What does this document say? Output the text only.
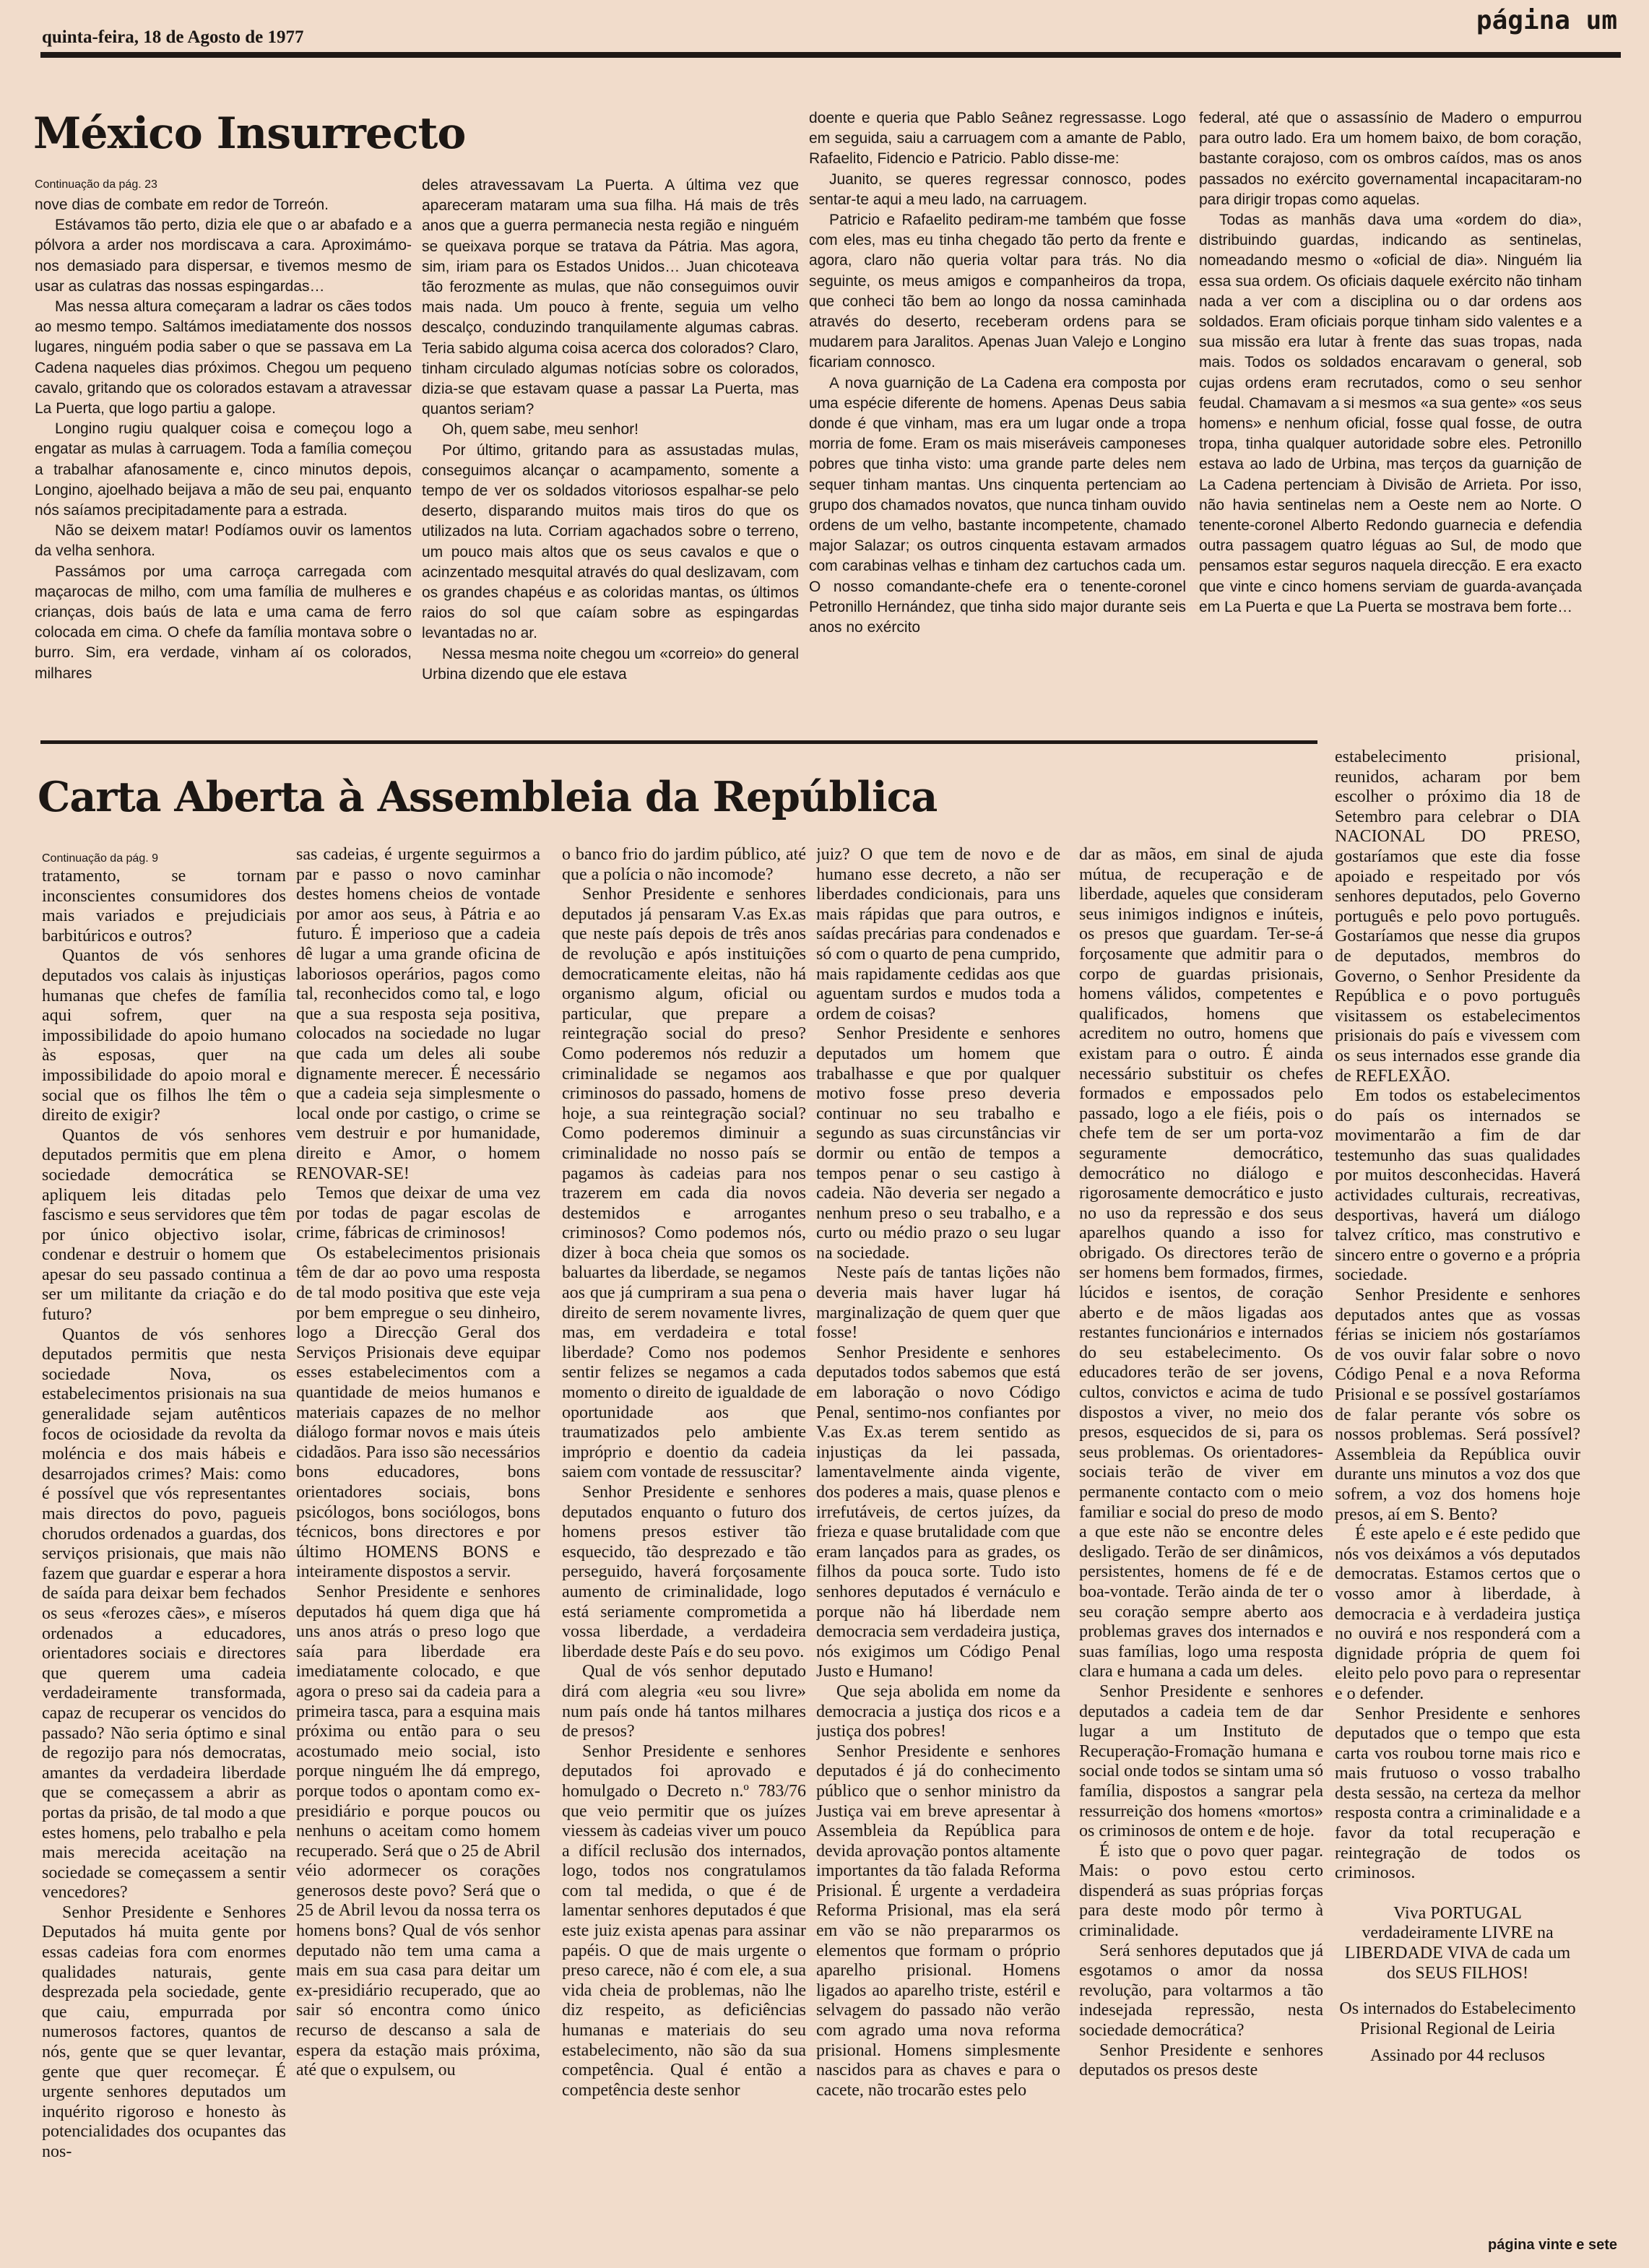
quinta-feira, 18 de Agosto de 1977
página um
México Insurrecto
Continuação da pág. 23

nove dias de combate em redor de Torreón.

Estávamos tão perto, dizia ele que o ar abafado e a pólvora a arder nos mordiscava a cara. Aproximámo-nos demasiado para dispersar, e tivemos mesmo de usar as culatras das nossas espingardas…

Mas nessa altura começaram a ladrar os cães todos ao mesmo tempo. Saltámos imediatamente dos nossos lugares, ninguém podia saber o que se passava em La Cadena naqueles dias próximos. Chegou um pequeno cavalo, gritando que os colorados estavam a atravessar La Puerta, que logo partiu a galope.

Longino rugiu qualquer coisa e começou logo a engatar as mulas à carruagem. Toda a família começou a trabalhar afanosamente e, cinco minutos depois, Longino, ajoelhado beijava a mão de seu pai, enquanto nós saíamos precipitadamente para a estrada.

Não se deixem matar! Podíamos ouvir os lamentos da velha senhora.

Passámos por uma carroça carregada com maçarocas de milho, com uma família de mulheres e crianças, dois baús de lata e uma cama de ferro colocada em cima. O chefe da família montava sobre o burro. Sim, era verdade, vinham aí os colorados, milhares

deles atravessavam La Puerta. A última vez que apareceram mataram uma sua filha. Há mais de três anos que a guerra permanecia nesta região e ninguém se queixava porque se tratava da Pátria. Mas agora, sim, iriam para os Estados Unidos… Juan chicoteava tão ferozmente as mulas, que não conseguimos ouvir mais nada. Um pouco à frente, seguia um velho descalço, conduzindo tranquilamente algumas cabras. Teria sabido alguma coisa acerca dos colorados? Claro, tinham circulado algumas notícias sobre os colorados, dizia-se que estavam quase a passar La Puerta, mas quantos seriam?

Oh, quem sabe, meu senhor!

Por último, gritando para as assustadas mulas, conseguimos alcançar o acampamento, somente a tempo de ver os soldados vitoriosos espalhar-se pelo deserto, disparando muitos mais tiros do que os utilizados na luta. Corriam agachados sobre o terreno, um pouco mais altos que os seus cavalos e que o acinzentado mesquital através do qual deslizavam, com os grandes chapéus e as coloridas mantas, os últimos raios do sol que caíam sobre as espingardas levantadas no ar.

Nessa mesma noite chegou um «correio» do general Urbina dizendo que ele estava

doente e queria que Pablo Seânez regressasse. Logo em seguida, saiu a carruagem com a amante de Pablo, Rafaelito, Fidencio e Patricio. Pablo disse-me:

Juanito, se queres regressar connosco, podes sentar-te aqui a meu lado, na carruagem.

Patricio e Rafaelito pediram-me também que fosse com eles, mas eu tinha chegado tão perto da frente e agora, claro não queria voltar para trás. No dia seguinte, os meus amigos e companheiros da tropa, que conheci tão bem ao longo da nossa caminhada através do deserto, receberam ordens para se mudarem para Jaralitos. Apenas Juan Valejo e Longino ficariam connosco.

A nova guarnição de La Cadena era composta por uma espécie diferente de homens. Apenas Deus sabia donde é que vinham, mas era um lugar onde a tropa morria de fome. Eram os mais miseráveis camponeses pobres que tinha visto: uma grande parte deles nem sequer tinham mantas. Uns cinquenta pertenciam ao grupo dos chamados novatos, que nunca tinham ouvido ordens de um velho, bastante incompetente, chamado major Salazar; os outros cinquenta estavam armados com carabinas velhas e tinham dez cartuchos cada um. O nosso comandante-chefe era o tenente-coronel Petronillo Hernández, que tinha sido major durante seis anos no exército

federal, até que o assassínio de Madero o empurrou para outro lado. Era um homem baixo, de bom coração, bastante corajoso, com os ombros caídos, mas os anos passados no exército governamental incapacitaram-no para dirigir tropas como aquelas.

Todas as manhãs dava uma «ordem do dia», distribuindo guardas, indicando as sentinelas, nomeadando mesmo o «oficial de dia». Ninguém lia essa sua ordem. Os oficiais daquele exército não tinham nada a ver com a disciplina ou o dar ordens aos soldados. Eram oficiais porque tinham sido valentes e a sua missão era lutar à frente das suas tropas, nada mais. Todos os soldados encaravam o general, sob cujas ordens eram recrutados, como o seu senhor feudal. Chamavam a si mesmos «a sua gente» «os seus homens» e nenhum oficial, fosse qual fosse, de outra tropa, tinha qualquer autoridade sobre eles. Petronillo estava ao lado de Urbina, mas terços da guarnição de La Cadena pertenciam à Divisão de Arrieta. Por isso, não havia sentinelas nem a Oeste nem ao Norte. O tenente-coronel Alberto Redondo guarnecia e defendia outra passagem quatro léguas ao Sul, de modo que pensamos estar seguros naquela direcção. E era exacto que vinte e cinco homens serviam de guarda-avançada em La Puerta e que La Puerta se mostrava bem forte…

Carta Aberta à Assembleia da República
Continuação da pág. 9

tratamento, se tornam inconscientes consumidores dos mais variados e prejudiciais barbitúricos e outros?

Quantos de vós senhores deputados vos calais às injustiças humanas que chefes de família aqui sofrem, quer na impossibilidade do apoio humano às esposas, quer na impossibilidade do apoio moral e social que os filhos lhe têm o direito de exigir?

Quantos de vós senhores deputados permitis que em plena sociedade democrática se apliquem leis ditadas pelo fascismo e seus servidores que têm por único objectivo isolar, condenar e destruir o homem que apesar do seu passado continua a ser um militante da criação e do futuro?

Quantos de vós senhores deputados permitis que nesta sociedade Nova, os estabelecimentos prisionais na sua generalidade sejam autênticos focos de ociosidade da revolta da moléncia e dos mais hábeis e desarrojados crimes? Mais: como é possível que vós representantes mais directos do povo, pagueis chorudos ordenados a guardas, dos serviços prisionais, que mais não fazem que guardar e esperar a hora de saída para deixar bem fechados os seus «ferozes cães», e míseros ordenados a educadores, orientadores sociais e directores que querem uma cadeia verdadeiramente transformada, capaz de recuperar os vencidos do passado? Não seria óptimo e sinal de regozijo para nós democratas, amantes da verdadeira liberdade que se começassem a abrir as portas da prisão, de tal modo a que estes homens, pelo trabalho e pela mais merecida aceitação na sociedade se começassem a sentir vencedores?

Senhor Presidente e Senhores Deputados há muita gente por essas cadeias fora com enormes qualidades naturais, gente desprezada pela sociedade, gente que caiu, empurrada por numerosos factores, quantos de nós, gente que se quer levantar, gente que quer recomeçar. É urgente senhores deputados um inquérito rigoroso e honesto às potencialidades dos ocupantes das nos-

sas cadeias, é urgente seguirmos a par e passo o novo caminhar destes homens cheios de vontade por amor aos seus, à Pátria e ao futuro. É imperioso que a cadeia dê lugar a uma grande oficina de laboriosos operários, pagos como tal, reconhecidos como tal, e logo que a sua resposta seja positiva, colocados na sociedade no lugar que cada um deles ali soube dignamente merecer. É necessário que a cadeia seja simplesmente o local onde por castigo, o crime se vem destruir e por humanidade, direito e Amor, o homem RENOVAR-SE!

Temos que deixar de uma vez por todas de pagar escolas de crime, fábricas de criminosos!

Os estabelecimentos prisionais têm de dar ao povo uma resposta de tal modo positiva que este veja por bem empregue o seu dinheiro, logo a Direcção Geral dos Serviços Prisionais deve equipar esses estabelecimentos com a quantidade de meios humanos e materiais capazes de no melhor diálogo formar novos e mais úteis cidadãos. Para isso são necessários bons educadores, bons orientadores sociais, bons psicólogos, bons sociólogos, bons técnicos, bons directores e por último HOMENS BONS e inteiramente dispostos a servir.

Senhor Presidente e senhores deputados há quem diga que há uns anos atrás o preso logo que saía para liberdade era imediatamente colocado, e que agora o preso sai da cadeia para a primeira tasca, para a esquina mais próxima ou então para o seu acostumado meio social, isto porque ninguém lhe dá emprego, porque todos o apontam como ex-presidiário e porque poucos ou nenhuns o aceitam como homem recuperado. Será que o 25 de Abril véio adormecer os corações generosos deste povo? Será que o 25 de Abril levou da nossa terra os homens bons? Qual de vós senhor deputado não tem uma cama a mais em sua casa para deitar um ex-presidiário recuperado, que ao sair só encontra como único recurso de descanso a sala de espera da estação mais próxima, até que o expulsem, ou

o banco frio do jardim público, até que a polícia o não incomode?

Senhor Presidente e senhores deputados já pensaram V.as Ex.as que neste país depois de três anos de revolução e após instituições democraticamente eleitas, não há organismo algum, oficial ou particular, que prepare a reintegração social do preso? Como poderemos nós reduzir a criminalidade se negamos aos criminosos do passado, homens de hoje, a sua reintegração social? Como poderemos diminuir a criminalidade no nosso país se pagamos às cadeias para nos trazerem em cada dia novos destemidos e arrogantes criminosos? Como podemos nós, dizer à boca cheia que somos os baluartes da liberdade, se negamos aos que já cumpriram a sua pena o direito de serem novamente livres, mas, em verdadeira e total liberdade? Como nos podemos sentir felizes se negamos a cada momento o direito de igualdade de oportunidade aos que traumatizados pelo ambiente impróprio e doentio da cadeia saiem com vontade de ressuscitar?

Senhor Presidente e senhores deputados enquanto o futuro dos homens presos estiver tão esquecido, tão desprezado e tão perseguido, haverá forçosamente aumento de criminalidade, logo está seriamente comprometida a vossa liberdade, a verdadeira liberdade deste País e do seu povo.

Qual de vós senhor deputado dirá com alegria «eu sou livre» num país onde há tantos milhares de presos?

Senhor Presidente e senhores deputados foi aprovado e homulgado o Decreto n.º 783/76 que veio permitir que os juízes viessem às cadeias viver um pouco a difícil reclusão dos internados, logo, todos nos congratulamos com tal medida, o que é de lamentar senhores deputados é que este juiz exista apenas para assinar papéis. O que de mais urgente o preso carece, não é com ele, a sua vida cheia de problemas, não lhe diz respeito, as deficiências humanas e materiais do seu estabelecimento, não são da sua competência. Qual é então a competência deste senhor

juiz? O que tem de novo e de humano esse decreto, a não ser liberdades condicionais, para uns mais rápidas que para outros, e saídas precárias para condenados e só com o quarto de pena cumprido, mais rapidamente cedidas aos que aguentam surdos e mudos toda a ordem de coisas?

Senhor Presidente e senhores deputados um homem que trabalhasse e que por qualquer motivo fosse preso deveria continuar no seu trabalho e segundo as suas circunstâncias vir dormir ou então de tempos a tempos penar o seu castigo à cadeia. Não deveria ser negado a nenhum preso o seu trabalho, e a curto ou médio prazo o seu lugar na sociedade.

Neste país de tantas lições não deveria mais haver lugar há marginalização de quem quer que fosse!

Senhor Presidente e senhores deputados todos sabemos que está em laboração o novo Código Penal, sentimo-nos confiantes por V.as Ex.as terem sentido as injustiças da lei passada, lamentavelmente ainda vigente, dos poderes a mais, quase plenos e irrefutáveis, de certos juízes, da frieza e quase brutalidade com que eram lançados para as grades, os filhos da pouca sorte. Tudo isto senhores deputados é vernáculo e porque não há liberdade nem democracia sem verdadeira justiça, nós exigimos um Código Penal Justo e Humano!

Que seja abolida em nome da democracia a justiça dos ricos e a justiça dos pobres!

Senhor Presidente e senhores deputados é já do conhecimento público que o senhor ministro da Justiça vai em breve apresentar à Assembleia da República para devida aprovação pontos altamente importantes da tão falada Reforma Prisional. É urgente a verdadeira Reforma Prisional, mas ela será em vão se não prepararmos os elementos que formam o próprio aparelho prisional. Homens ligados ao aparelho triste, estéril e selvagem do passado não verão com agrado uma nova reforma prisional. Homens simplesmente nascidos para as chaves e para o cacete, não trocarão estes pelo

dar as mãos, em sinal de ajuda mútua, de recuperação e de liberdade, aqueles que consideram seus inimigos indignos e inúteis, os presos que guardam. Ter-se-á forçosamente que admitir para o corpo de guardas prisionais, homens válidos, competentes e qualificados, homens que acreditem no outro, homens que existam para o outro. É ainda necessário substituir os chefes formados e empossados pelo passado, logo a ele fiéis, pois o chefe tem de ser um porta-voz seguramente democrático, democrático no diálogo e rigorosamente democrático e justo no uso da repressão e dos seus aparelhos quando a isso for obrigado. Os directores terão de ser homens bem formados, firmes, lúcidos e isentos, de coração aberto e de mãos ligadas aos restantes funcionários e internados do seu estabelecimento. Os educadores terão de ser jovens, cultos, convictos e acima de tudo dispostos a viver, no meio dos presos, esquecidos de si, para os seus problemas. Os orientadores-sociais terão de viver em permanente contacto com o meio familiar e social do preso de modo a que este não se encontre deles desligado. Terão de ser dinâmicos, persistentes, homens de fé e de boa-vontade. Terão ainda de ter o seu coração sempre aberto aos problemas graves dos internados e suas famílias, logo uma resposta clara e humana a cada um deles.

Senhor Presidente e senhores deputados a cadeia tem de dar lugar a um Instituto de Recuperação-Fromação humana e social onde todos se sintam uma só família, dispostos a sangrar pela ressurreição dos homens «mortos» os criminosos de ontem e de hoje.

É isto que o povo quer pagar. Mais: o povo estou certo dispenderá as suas próprias forças para deste modo pôr termo à criminalidade.

Será senhores deputados que já esgotamos o amor da nossa revolução, para voltarmos a tão indesejada repressão, nesta sociedade democrática?

Senhor Presidente e senhores deputados os presos deste

estabelecimento prisional, reunidos, acharam por bem escolher o próximo dia 18 de Setembro para celebrar o DIA NACIONAL DO PRESO, gostaríamos que este dia fosse apoiado e respeitado por vós senhores deputados, pelo Governo português e pelo povo português. Gostaríamos que nesse dia grupos de deputados, membros do Governo, o Senhor Presidente da República e o povo português visitassem os estabelecimentos prisionais do país e vivessem com os seus internados esse grande dia de REFLEXÃO.

Em todos os estabelecimentos do país os internados se movimentarão a fim de dar testemunho das suas qualidades por muitos desconhecidas. Haverá actividades culturais, recreativas, desportivas, haverá um diálogo talvez crítico, mas construtivo e sincero entre o governo e a própria sociedade.

Senhor Presidente e senhores deputados antes que as vossas férias se iniciem nós gostaríamos de vos ouvir falar sobre o novo Código Penal e a nova Reforma Prisional e se possível gostaríamos de falar perante vós sobre os nossos problemas. Será possível? Assembleia da República ouvir durante uns minutos a voz dos que sofrem, a voz dos homens hoje presos, aí em S. Bento?

É este apelo e é este pedido que nós vos deixámos a vós deputados democratas. Estamos certos que o vosso amor à liberdade, à democracia e à verdadeira justiça no ouvirá e nos responderá com a dignidade própria de quem foi eleito pelo povo para o representar e o defender.

Senhor Presidente e senhores deputados que o tempo que esta carta vos roubou torne mais rico e mais frutuoso o vosso trabalho desta sessão, na certeza da melhor resposta contra a criminalidade e a favor da total recuperação e reintegração de todos os criminosos.

Viva PORTUGAL verdadeiramente LIVRE na LIBERDADE VIVA de cada um dos SEUS FILHOS!

Os internados do Estabelecimento Prisional Regional de Leiria

Assinado por 44 reclusos

página vinte e sete
